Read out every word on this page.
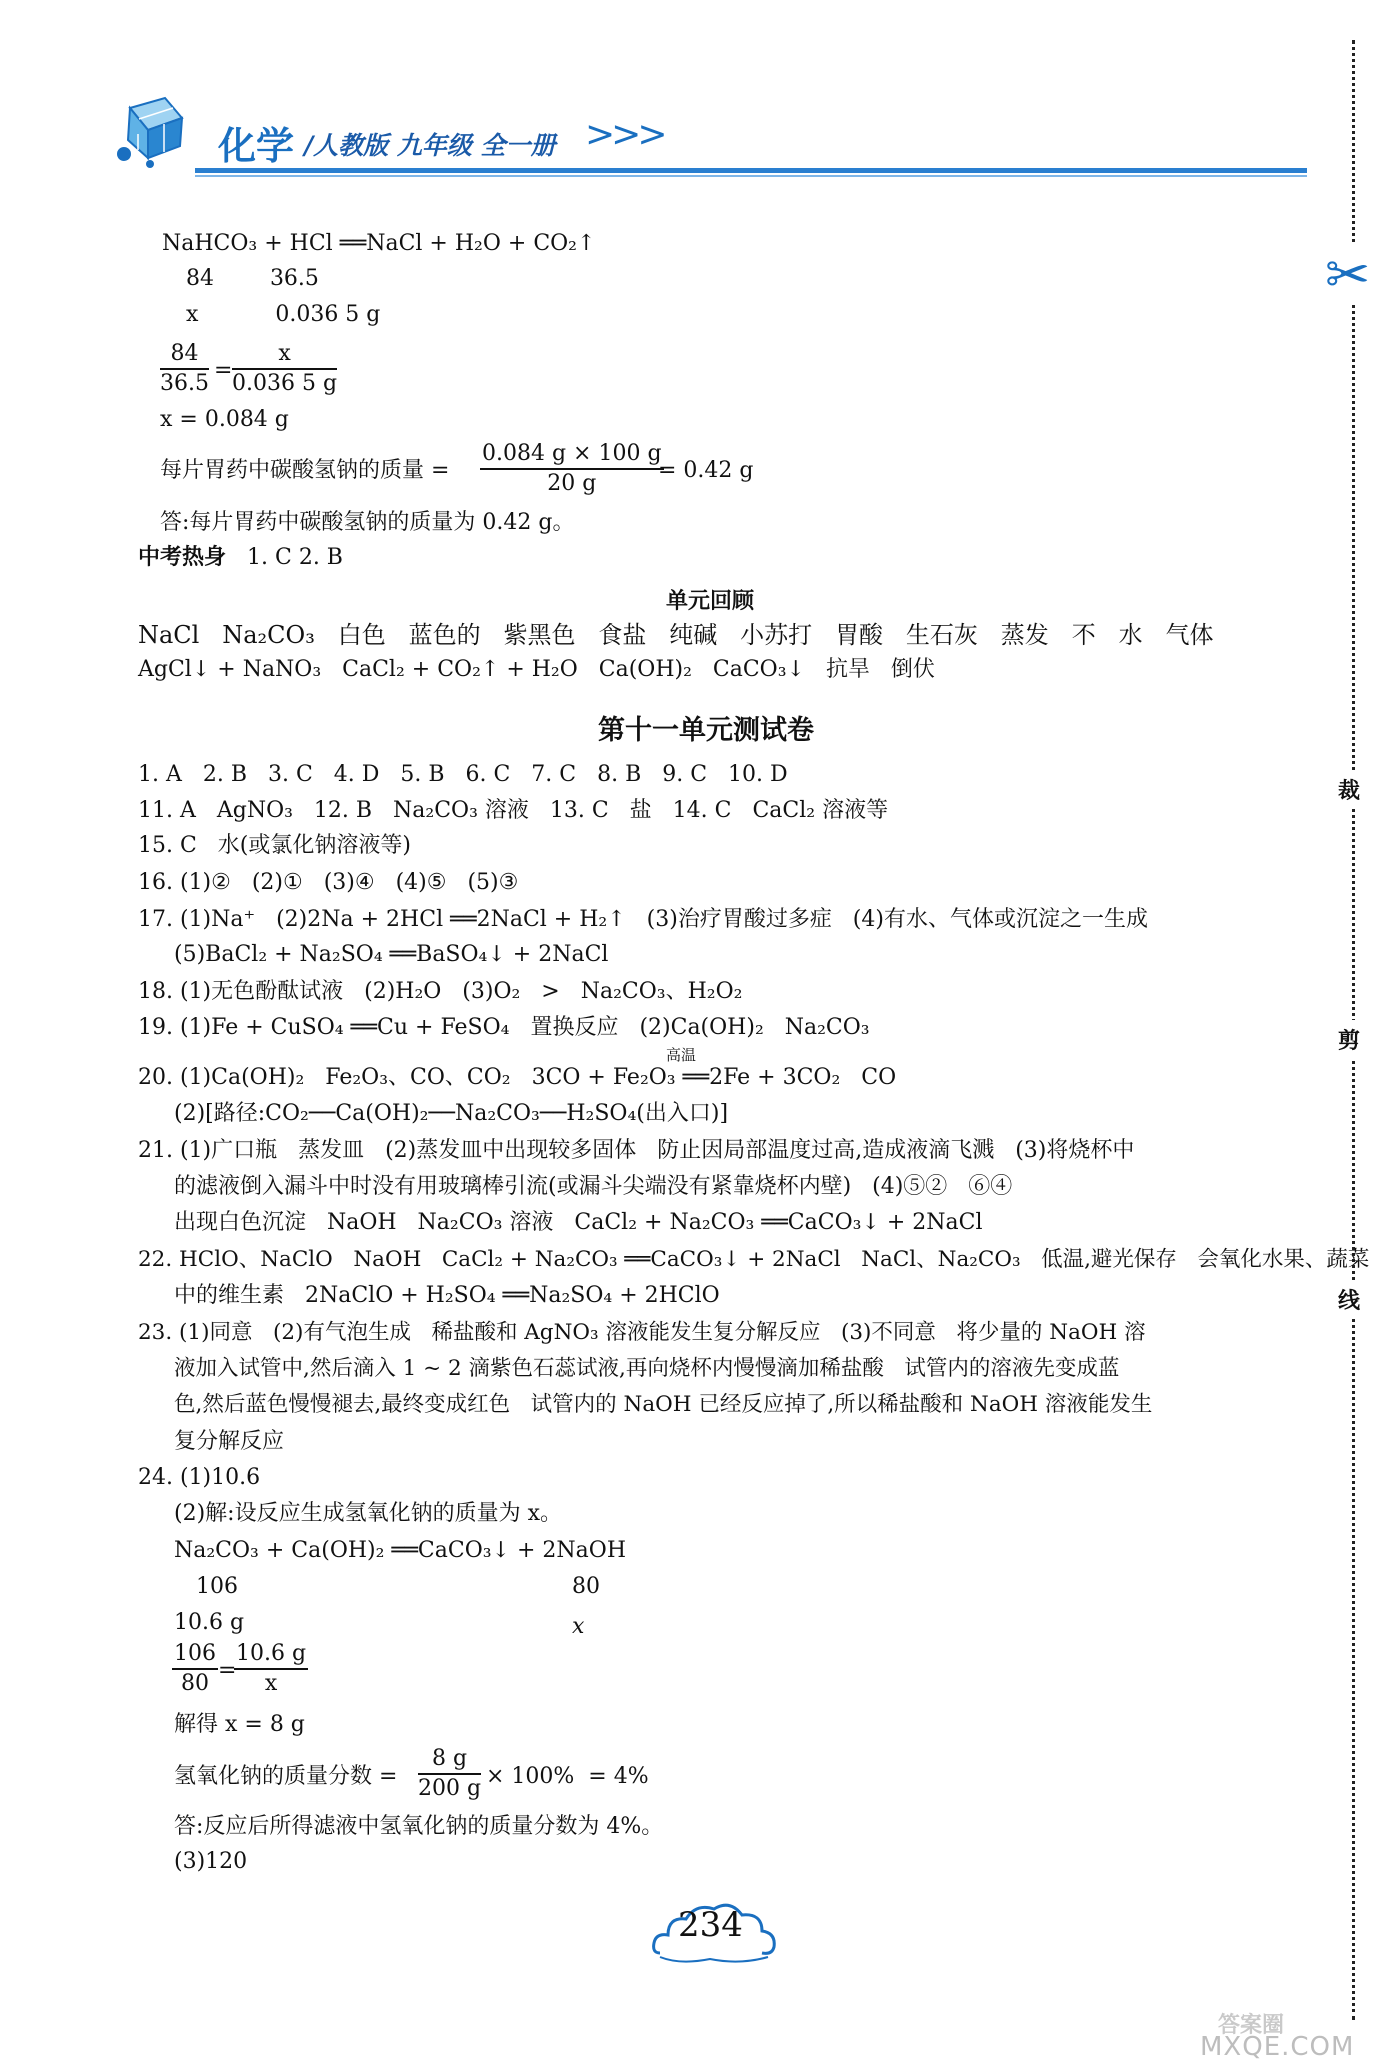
化学 /人教版 九年级 全一册 >>>
✂
裁
剪
线
NaHCO₃ + HCl ══NaCl + H₂O + CO₂↑
84        36.5
x           0.036 5 g
$\frac{84}{36.5} = \frac{x}{0.036 5 g}$
x = 0.084 g
每片胃药中碳酸氢钠的质量 = $\frac{0.084 g \times 100 g}{20 g}$
= 0.42 g
答:每片胃药中碳酸氢钠的质量为 0.42 g。
中考热身 1. C 2. B
单元回顾
NaCl   Na₂CO₃   白色   蓝色的   紫黑色   食盐   纯碱   小苏打   胃酸   生石灰   蒸发   不   水   气体
AgCl↓ + NaNO₃   CaCl₂ + CO₂↑ + H₂O   Ca(OH)₂   CaCO₃↓   抗旱   倒伏
第十一单元测试卷
1. A   2. B   3. C   4. D   5. B   6. C   7. C   8. B   9. C   10. D
11. A   AgNO₃   12. B   Na₂CO₃ 溶液   13. C   盐   14. C   CaCl₂ 溶液等
15. C   水(或氯化钠溶液等)
16. (1)②   (2)①   (3)④   (4)⑤   (5)③
17. (1)Na⁺   (2)2Na + 2HCl ══2NaCl + H₂↑   (3)治疗胃酸过多症   (4)有水、气体或沉淀之一生成
(5)BaCl₂ + Na₂SO₄ ══BaSO₄↓ + 2NaCl
18. (1)无色酚酞试液   (2)H₂O   (3)O₂   >   Na₂CO₃、H₂O₂
19. (1)Fe + CuSO₄ ══Cu + FeSO₄   置换反应   (2)Ca(OH)₂   Na₂CO₃
高温
20. (1)Ca(OH)₂   Fe₂O₃、CO、CO₂   3CO + Fe₂O₃ ══2Fe + 3CO₂   CO
(2)[路径:CO₂──Ca(OH)₂──Na₂CO₃──H₂SO₄(出入口)]
21. (1)广口瓶   蒸发皿   (2)蒸发皿中出现较多固体   防止因局部温度过高,造成液滴飞溅   (3)将烧杯中
的滤液倒入漏斗中时没有用玻璃棒引流(或漏斗尖端没有紧靠烧杯内壁)   (4)⑤②   ⑥④
出现白色沉淀   NaOH   Na₂CO₃ 溶液   CaCl₂ + Na₂CO₃ ══CaCO₃↓ + 2NaCl
22. HClO、NaClO   NaOH   CaCl₂ + Na₂CO₃ ══CaCO₃↓ + 2NaCl   NaCl、Na₂CO₃   低温,避光保存   会氧化水果、蔬菜
中的维生素   2NaClO + H₂SO₄ ══Na₂SO₄ + 2HClO
23. (1)同意   (2)有气泡生成   稀盐酸和 AgNO₃ 溶液能发生复分解反应   (3)不同意   将少量的 NaOH 溶
液加入试管中,然后滴入 1 ~ 2 滴紫色石蕊试液,再向烧杯内慢慢滴加稀盐酸   试管内的溶液先变成蓝
色,然后蓝色慢慢褪去,最终变成红色   试管内的 NaOH 已经反应掉了,所以稀盐酸和 NaOH 溶液能发生
复分解反应
24. (1)10.6
(2)解:设反应生成氢氧化钠的质量为 x。
Na₂CO₃ + Ca(OH)₂ ══CaCO₃↓ + 2NaOH
106	80
10.6 g	x
$\frac{106}{80}$ =
$\frac{10.6 g}{x}$
解得 x = 8 g
氢氧化钠的质量分数 = $\frac{8 g}{200 g} \times 100\% = 4\%$
答:反应后所得滤液中氢氧化钠的质量分数为 4%。
(3)120
234
答案圈
MXQE.COM
